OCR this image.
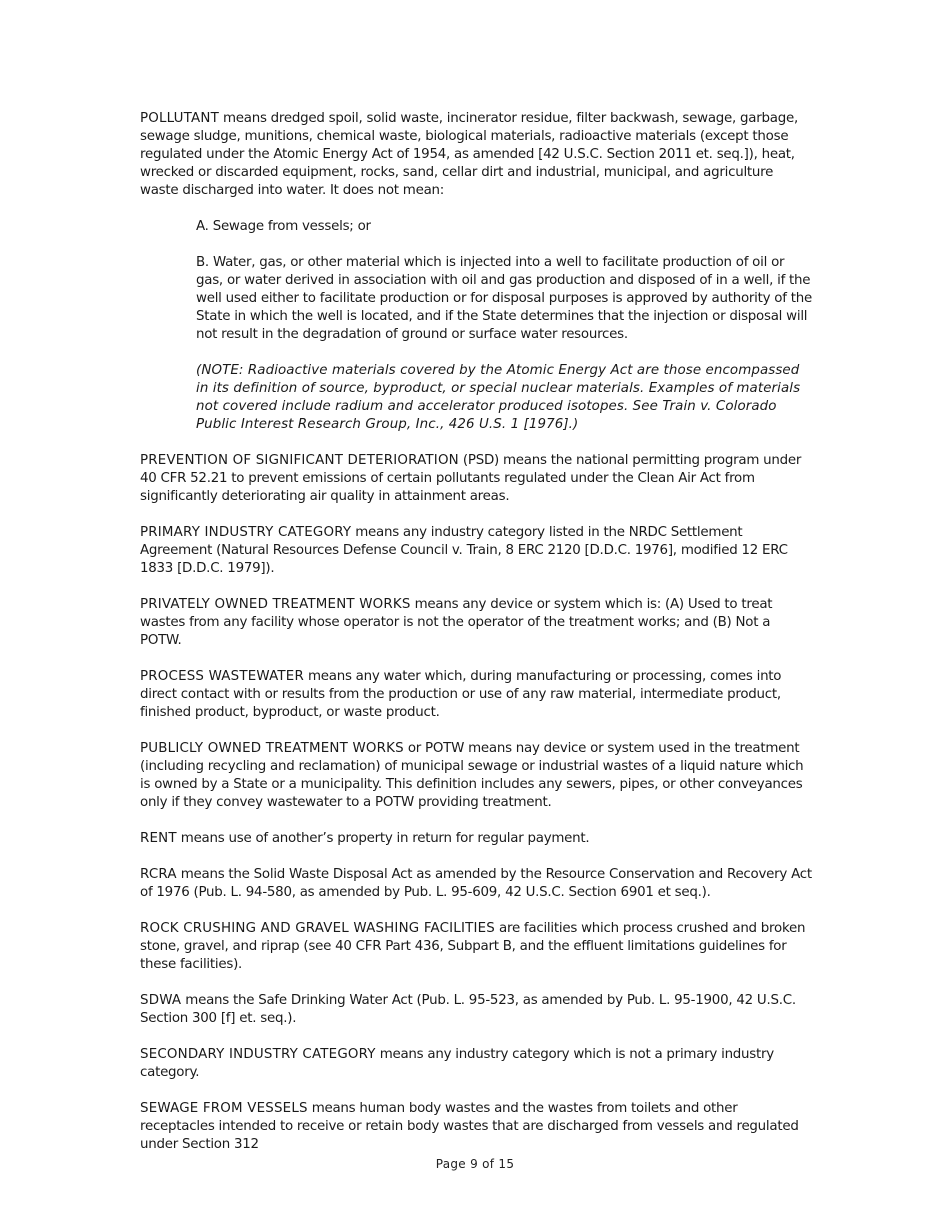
POLLUTANT means dredged spoil, solid waste, incinerator residue, filter backwash, sewage, garbage, sewage sludge, munitions, chemical waste, biological materials, radioactive materials (except those regulated under the Atomic Energy Act of 1954, as amended [42 U.S.C. Section 2011 et. seq.]), heat, wrecked or discarded equipment, rocks, sand, cellar dirt and industrial, municipal, and agriculture waste discharged into water. It does not mean:

A. Sewage from vessels; or

B. Water, gas, or other material which is injected into a well to facilitate production of oil or gas, or water derived in association with oil and gas production and disposed of in a well, if the well used either to facilitate production or for disposal purposes is approved by authority of the State in which the well is located, and if the State determines that the injection or disposal will not result in the degradation of ground or surface water resources.

(NOTE: Radioactive materials covered by the Atomic Energy Act are those encompassed in its definition of source, byproduct, or special nuclear materials. Examples of materials not covered include radium and accelerator produced isotopes. See Train v. Colorado Public Interest Research Group, Inc., 426 U.S. 1 [1976].)

PREVENTION OF SIGNIFICANT DETERIORATION (PSD) means the national permitting program under 40 CFR 52.21 to prevent emissions of certain pollutants regulated under the Clean Air Act from significantly deteriorating air quality in attainment areas.

PRIMARY INDUSTRY CATEGORY means any industry category listed in the NRDC Settlement Agreement (Natural Resources Defense Council v. Train, 8 ERC 2120 [D.D.C. 1976], modified 12 ERC 1833 [D.D.C. 1979]).

PRIVATELY OWNED TREATMENT WORKS means any device or system which is: (A) Used to treat wastes from any facility whose operator is not the operator of the treatment works; and (B) Not a POTW.

PROCESS WASTEWATER means any water which, during manufacturing or processing, comes into direct contact with or results from the production or use of any raw material, intermediate product, finished product, byproduct, or waste product.

PUBLICLY OWNED TREATMENT WORKS or POTW means nay device or system used in the treatment (including recycling and reclamation) of municipal sewage or industrial wastes of a liquid nature which is owned by a State or a municipality. This definition includes any sewers, pipes, or other conveyances only if they convey wastewater to a POTW providing treatment.

RENT means use of another’s property in return for regular payment.

RCRA means the Solid Waste Disposal Act as amended by the Resource Conservation and Recovery Act of 1976 (Pub. L. 94-580, as amended by Pub. L. 95-609, 42 U.S.C. Section 6901 et seq.).

ROCK CRUSHING AND GRAVEL WASHING FACILITIES are facilities which process crushed and broken stone, gravel, and riprap (see 40 CFR Part 436, Subpart B, and the effluent limitations guidelines for these facilities).

SDWA means the Safe Drinking Water Act (Pub. L. 95-523, as amended by Pub. L. 95-1900, 42 U.S.C. Section 300 [f] et. seq.).

SECONDARY INDUSTRY CATEGORY means any industry category which is not a primary industry category.

SEWAGE FROM VESSELS means human body wastes and the wastes from toilets and other receptacles intended to receive or retain body wastes that are discharged from vessels and regulated under Section 312

Page 9 of 15
